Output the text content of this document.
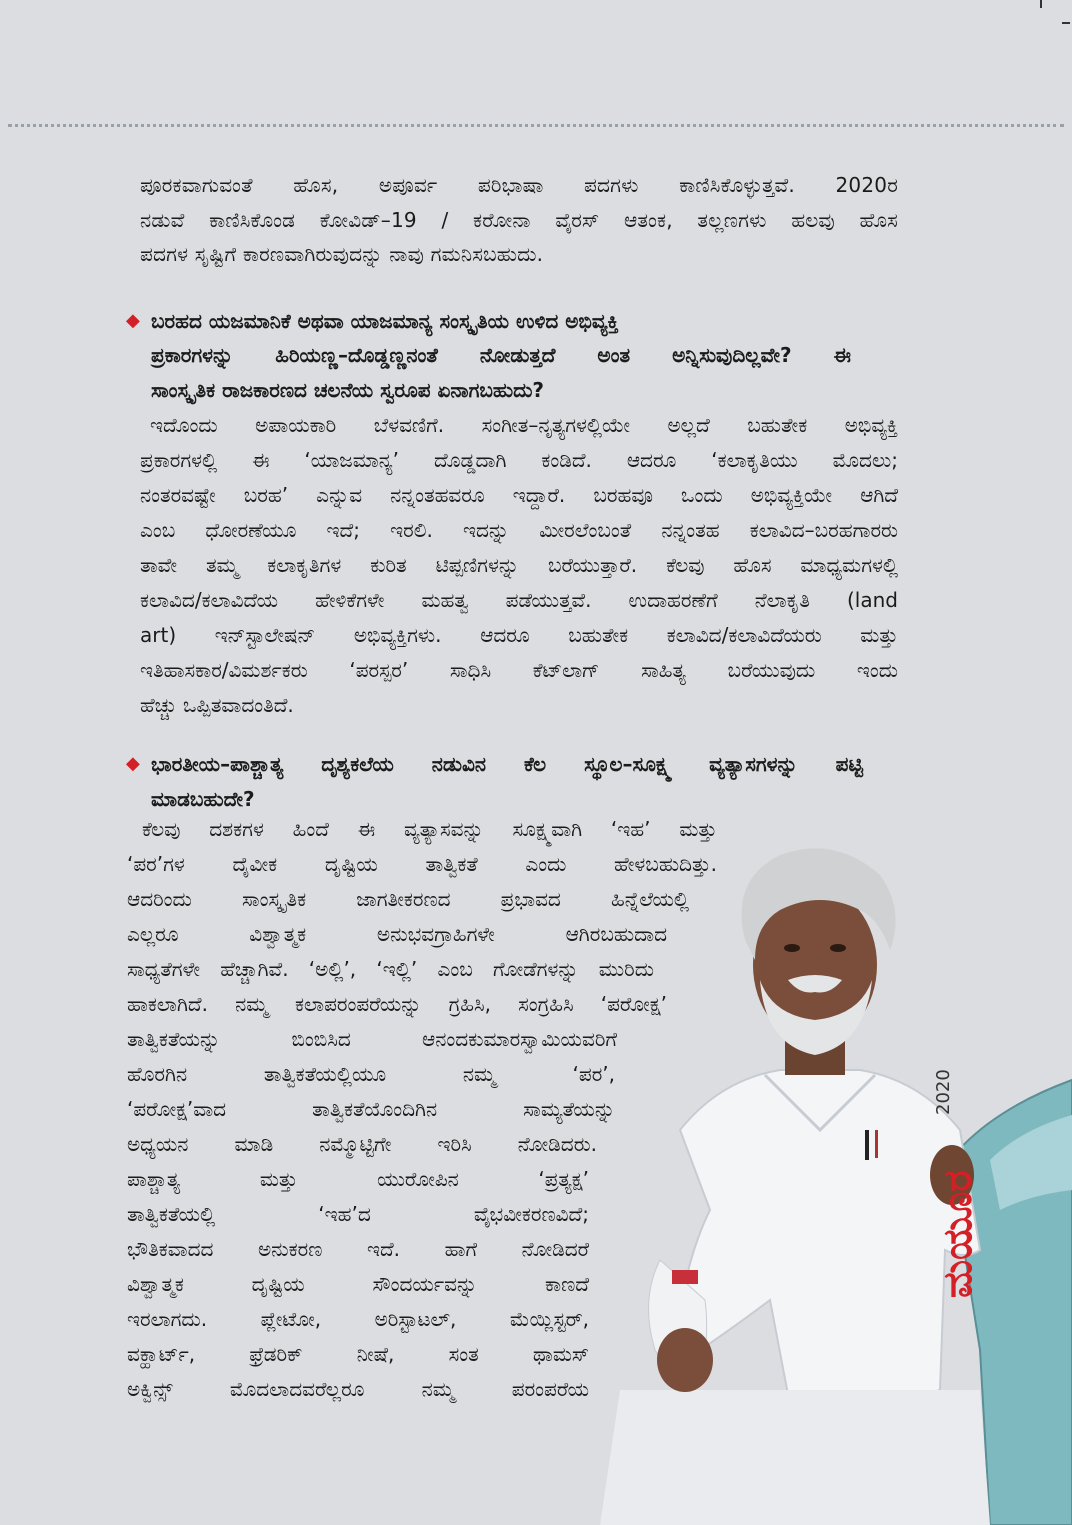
ಪೂರಕವಾಗುವಂತೆ ಹೊಸ, ಅಪೂರ್ವ ಪರಿಭಾಷಾ ಪದಗಳು ಕಾಣಿಸಿಕೊಳ್ಳುತ್ತವೆ. 2020ರ
ನಡುವೆ ಕಾಣಿಸಿಕೊಂಡ ಕೋವಿಡ್–19 / ಕರೋನಾ ವೈರಸ್ ಆತಂಕ, ತಲ್ಲಣಗಳು ಹಲವು ಹೊಸ
ಪದಗಳ ಸೃಷ್ಟಿಗೆ ಕಾರಣವಾಗಿರುವುದನ್ನು ನಾವು ಗಮನಿಸಬಹುದು.
◆ ಬರಹದ ಯಜಮಾನಿಕೆ ಅಥವಾ ಯಾಜಮಾನ್ಯ ಸಂಸ್ಕೃತಿಯ ಉಳಿದ ಅಭಿವ್ಯಕ್ತಿ
ಪ್ರಕಾರಗಳನ್ನು ಹಿರಿಯಣ್ಣ–ದೊಡ್ಡಣ್ಣನಂತೆ ನೋಡುತ್ತದೆ ಅಂತ ಅನ್ನಿಸುವುದಿಲ್ಲವೇ? ಈ
ಸಾಂಸ್ಕೃತಿಕ ರಾಜಕಾರಣದ ಚಲನೆಯ ಸ್ವರೂಪ ಏನಾಗಬಹುದು?
ಇದೊಂದು ಅಪಾಯಕಾರಿ ಬೆಳವಣಿಗೆ. ಸಂಗೀತ–ನೃತ್ಯಗಳಲ್ಲಿಯೇ ಅಲ್ಲದೆ ಬಹುತೇಕ ಅಭಿವ್ಯಕ್ತಿ
ಪ್ರಕಾರಗಳಲ್ಲಿ ಈ ‘ಯಾಜಮಾನ್ಯ’ ದೊಡ್ಡದಾಗಿ ಕಂಡಿದೆ. ಆದರೂ ‘ಕಲಾಕೃತಿಯು ಮೊದಲು;
ನಂತರವಷ್ಟೇ ಬರಹ’ ಎನ್ನುವ ನನ್ನಂತಹವರೂ ಇದ್ದಾರೆ. ಬರಹವೂ ಒಂದು ಅಭಿವ್ಯಕ್ತಿಯೇ ಆಗಿದೆ
ಎಂಬ ಧೋರಣೆಯೂ ಇದೆ; ಇರಲಿ. ಇದನ್ನು ಮೀರಲೆಂಬಂತೆ ನನ್ನಂತಹ ಕಲಾವಿದ–ಬರಹಗಾರರು
ತಾವೇ ತಮ್ಮ ಕಲಾಕೃತಿಗಳ ಕುರಿತ ಟಿಪ್ಪಣಿಗಳನ್ನು ಬರೆಯುತ್ತಾರೆ. ಕೆಲವು ಹೊಸ ಮಾಧ್ಯಮಗಳಲ್ಲಿ
ಕಲಾವಿದ/ಕಲಾವಿದೆಯ ಹೇಳಿಕೆಗಳೇ ಮಹತ್ವ ಪಡೆಯುತ್ತವೆ. ಉದಾಹರಣೆಗೆ ನೆಲಾಕೃತಿ (land
art) ಇನ್‌ಸ್ಟಾಲೇಷನ್ ಅಭಿವ್ಯಕ್ತಿಗಳು. ಆದರೂ ಬಹುತೇಕ ಕಲಾವಿದ/ಕಲಾವಿದೆಯರು ಮತ್ತು
ಇತಿಹಾಸಕಾರ/ವಿಮರ್ಶಕರು ‘ಪರಸ್ಪರ’ ಸಾಧಿಸಿ ಕೆಟ್‌ಲಾಗ್ ಸಾಹಿತ್ಯ ಬರೆಯುವುದು ಇಂದು
ಹೆಚ್ಚು ಒಪ್ಪಿತವಾದಂತಿದೆ.
◆ ಭಾರತೀಯ–ಪಾಶ್ಚಾತ್ಯ ದೃಶ್ಯಕಲೆಯ ನಡುವಿನ ಕೆಲ ಸ್ಥೂಲ–ಸೂಕ್ಷ್ಮ ವ್ಯತ್ಯಾಸಗಳನ್ನು ಪಟ್ಟಿ
ಮಾಡಬಹುದೇ?
ಕೆಲವು ದಶಕಗಳ ಹಿಂದೆ ಈ ವ್ಯತ್ಯಾಸವನ್ನು ಸೂಕ್ಷ್ಮವಾಗಿ ‘ಇಹ’ ಮತ್ತು
‘ಪರ’ಗಳ ದೈವೀಕ ದೃಷ್ಟಿಯ ತಾತ್ವಿಕತೆ ಎಂದು ಹೇಳಬಹುದಿತ್ತು.
ಆದರಿಂದು ಸಾಂಸ್ಕೃತಿಕ ಜಾಗತೀಕರಣದ ಪ್ರಭಾವದ ಹಿನ್ನೆಲೆಯಲ್ಲಿ
ಎಲ್ಲರೂ ವಿಶ್ವಾತ್ಮಕ ಅನುಭವಗ್ರಾಹಿಗಳೇ ಆಗಿರಬಹುದಾದ
ಸಾಧ್ಯತೆಗಳೇ ಹೆಚ್ಚಾಗಿವೆ. ‘ಅಲ್ಲಿ’, ‘ಇಲ್ಲಿ’ ಎಂಬ ಗೋಡೆಗಳನ್ನು ಮುರಿದು
ಹಾಕಲಾಗಿದೆ. ನಮ್ಮ ಕಲಾಪರಂಪರೆಯನ್ನು ಗ್ರಹಿಸಿ, ಸಂಗ್ರಹಿಸಿ ‘ಪರೋಕ್ಷ’
ತಾತ್ವಿಕತೆಯನ್ನು ಬಿಂಬಿಸಿದ ಆನಂದಕುಮಾರಸ್ವಾಮಿಯವರಿಗೆ
ಹೊರಗಿನ ತಾತ್ವಿಕತೆಯಲ್ಲಿಯೂ ನಮ್ಮ ‘ಪರ’,
‘ಪರೋಕ್ಷ’ವಾದ ತಾತ್ವಿಕತೆಯೊಂದಿಗಿನ ಸಾಮ್ಯತೆಯನ್ನು
ಅಧ್ಯಯನ ಮಾಡಿ ನಮ್ಮೊಟ್ಟಿಗೇ ಇರಿಸಿ ನೋಡಿದರು.
ಪಾಶ್ಚಾತ್ಯ ಮತ್ತು ಯುರೋಪಿನ ‘ಪ್ರತ್ಯಕ್ಷ’
ತಾತ್ವಿಕತೆಯಲ್ಲಿ ‘ಇಹ’ದ ವೈಭವೀಕರಣವಿದೆ;
ಭೌತಿಕವಾದದ ಅನುಕರಣ ಇದೆ. ಹಾಗೆ ನೋಡಿದರೆ
ವಿಶ್ವಾತ್ಮಕ ದೃಷ್ಟಿಯ ಸೌಂದರ್ಯವನ್ನು ಕಾಣದೆ
ಇರಲಾಗದು. ಪ್ಲೇಟೋ, ಅರಿಸ್ಟಾಟಲ್, ಮೆಯ್ಲಿಸ್ಟರ್,
ವಕ್ಹಾರ್ಟ್, ಫ್ರೆಡರಿಕ್ ನೀಷೆ, ಸಂತ ಥಾಮಸ್
ಅಕ್ವಿನ್ಸ್ ಮೊದಲಾದವರೆಲ್ಲರೂ ನಮ್ಮ ಪರಂಪರೆಯ
2020
ಮಯೂರ
